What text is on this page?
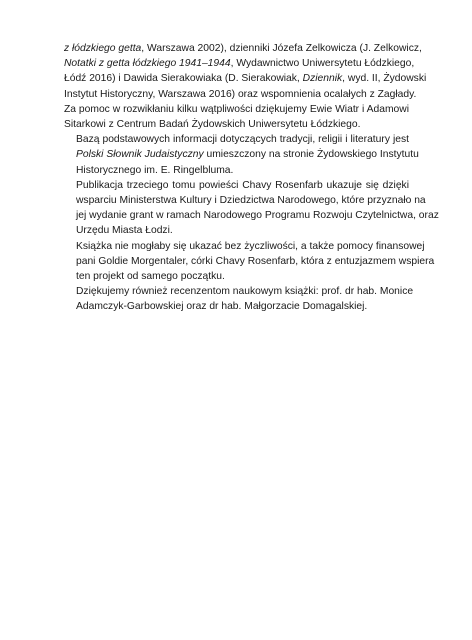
z łódzkiego getta, Warszawa 2002), dzienniki Józefa Zelkowicza (J. Zelkowicz,
Notatki z getta łódzkiego 1941–1944, Wydawnictwo Uniwersytetu Łódzkiego,
Łódź 2016) i Dawida Sierakowiaka (D. Sierakowiak, Dziennik, wyd. II, Żydowski
Instytut Historyczny, Warszawa 2016) oraz wspomnienia ocalałych z Zagłady.
Za pomoc w rozwikłaniu kilku wątpliwości dziękujemy Ewie Wiatr i Adamowi
Sitarkowi z Centrum Badań Żydowskich Uniwersytetu Łódzkiego.
Bazą podstawowych informacji dotyczących tradycji, religii i literatury jest
Polski Słownik Judaistyczny umieszczony na stronie Żydowskiego Instytutu
Historycznego im. E. Ringelbluma.
Publikacja trzeciego tomu powieści Chavy Rosenfarb ukazuje się dzięki
wsparciu Ministerstwa Kultury i Dziedzictwa Narodowego, które przyznało na
jej wydanie grant w ramach Narodowego Programu Rozwoju Czytelnictwa, oraz
Urzędu Miasta Łodzi.
Książka nie mogłaby się ukazać bez życzliwości, a także pomocy finansowej
pani Goldie Morgentaler, córki Chavy Rosenfarb, która z entuzjazmem wspiera
ten projekt od samego początku.
Dziękujemy również recenzentom naukowym książki: prof. dr hab. Monice
Adamczyk-Garbowskiej oraz dr hab. Małgorzacie Domagalskiej.
